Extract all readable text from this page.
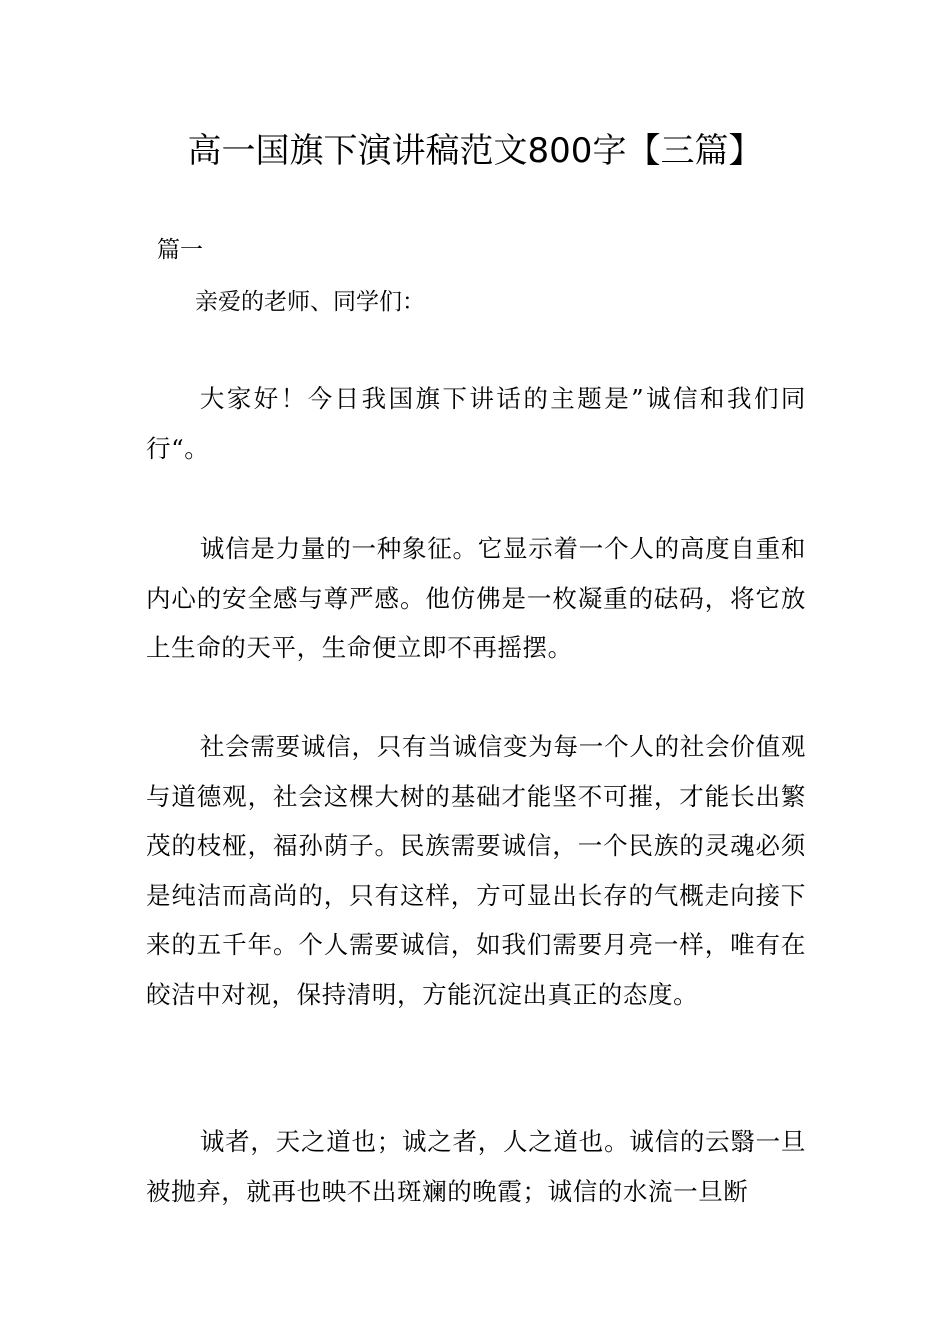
高一国旗下演讲稿范文800字【三篇】
篇一
亲爱的老师、同学们：

大家好！今日我国旗下讲话的主题是”诚信和我们同行“。

诚信是力量的一种象征。它显示着一个人的高度自重和内心的安全感与尊严感。他仿佛是一枚凝重的砝码，将它放上生命的天平，生命便立即不再摇摆。

社会需要诚信，只有当诚信变为每一个人的社会价值观与道德观，社会这棵大树的基础才能坚不可摧，才能长出繁茂的枝桠，福孙荫子。民族需要诚信，一个民族的灵魂必须是纯洁而高尚的，只有这样，方可显出长存的气概走向接下来的五千年。个人需要诚信，如我们需要月亮一样，唯有在皎洁中对视，保持清明，方能沉淀出真正的态度。

诚者，天之道也；诚之者，人之道也。诚信的云翳一旦被抛弃，就再也映不出斑斓的晚霞；诚信的水流一旦断
